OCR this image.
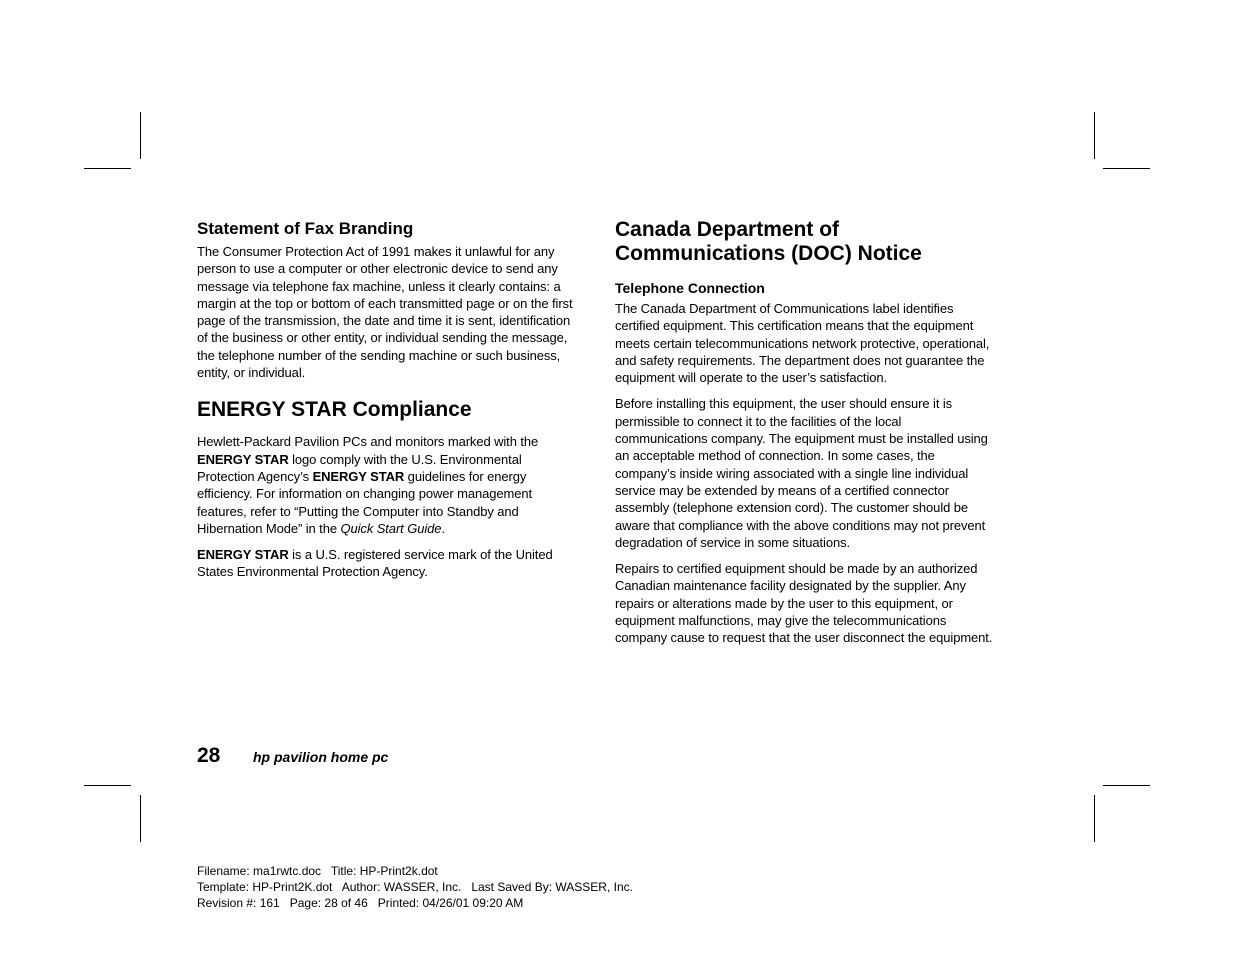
Statement of Fax Branding

The Consumer Protection Act of 1991 makes it unlawful for any person to use a computer or other electronic device to send any message via telephone fax machine, unless it clearly contains: a margin at the top or bottom of each transmitted page or on the first page of the transmission, the date and time it is sent, identification of the business or other entity, or individual sending the message, the telephone number of the sending machine or such business, entity, or individual.

ENERGY STAR Compliance

Hewlett-Packard Pavilion PCs and monitors marked with the ENERGY STAR logo comply with the U.S. Environmental Protection Agency’s ENERGY STAR guidelines for energy efficiency. For information on changing power management features, refer to “Putting the Computer into Standby and Hibernation Mode” in the Quick Start Guide.

ENERGY STAR is a U.S. registered service mark of the United States Environmental Protection Agency.

Canada Department of Communications (DOC) Notice
Telephone Connection

The Canada Department of Communications label identifies certified equipment. This certification means that the equipment meets certain telecommunications network protective, operational, and safety requirements. The department does not guarantee the equipment will operate to the user’s satisfaction.

Before installing this equipment, the user should ensure it is permissible to connect it to the facilities of the local communications company. The equipment must be installed using an acceptable method of connection. In some cases, the company’s inside wiring associated with a single line individual service may be extended by means of a certified connector assembly (telephone extension cord). The customer should be aware that compliance with the above conditions may not prevent degradation of service in some situations.

Repairs to certified equipment should be made by an authorized Canadian maintenance facility designated by the supplier. Any repairs or alterations made by the user to this equipment, or equipment malfunctions, may give the telecommunications company cause to request that the user disconnect the equipment.

28	hp pavilion home pc
Filename: ma1rwtc.doc   Title: HP-Print2k.dot
Template: HP-Print2K.dot   Author: WASSER, Inc.   Last Saved By: WASSER, Inc.
Revision #: 161   Page: 28 of 46   Printed: 04/26/01 09:20 AM
